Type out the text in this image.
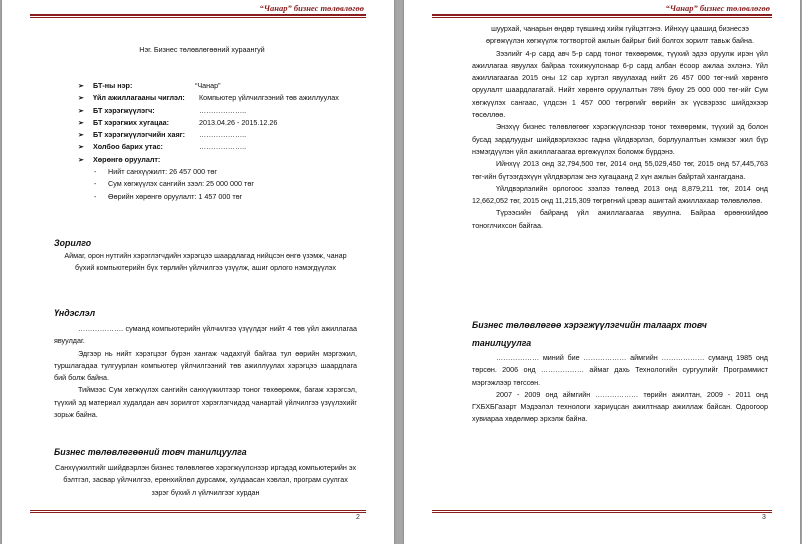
“Чанар” бизнес төлөвлөгөө

Нэг. Бизнес төлөвлөгөөний хураангуй

➢ БТ-ны нэр:	“Чанар”
➢ Үйл ажиллагааны чиглэл: Компьютер үйлчилгээний төв ажиллуулах
➢ БТ хэрэгжүүлэгч:	………………..
➢ БТ хэрэгжих хугацаа:	2013.04.26 - 2015.12.26
➢ БТ хэрэгжүүлэгчийн хаяг: ………………..
➢ Холбоо барих утас:	………………..
➢ Хөрөнгө оруулалт:
- Нийт санхүүжилт: 26 457 000 төг
- Сум хөгжүүлэх сангийн зээл: 25 000 000 төг
- Өөрийн хөрөнгө оруулалт: 1 457 000 төг

Зорилго

Аймаг, орон нутгийн хэрэглэгчдийн хэрэгцээ шаардлагад нийцсэн өнгө үзэмж, чанар бүхий компьютерийн бүх төрлийн үйлчилгээ үзүүлж, ашиг орлого нэмэгдүүлэх

Үндэслэл

………………. суманд компьютерийн үйлчилгээ үзүүлдэг нийт 4 төв үйл ажиллагаа явуулдаг.

Эдгээр нь нийт хэрэгцээг бүрэн хангаж чадахгүй байгаа тул өөрийн мэргэжил, туршлагадаа тулгуурлан компьютер үйлчилгээний төв ажиллуулах хэрэгцээ шаардлага бий болж байна.

Тиймээс Сум хөгжүүлэх сангийн санхүүжилтээр тоног төхөөрөмж, багаж хэрэгсэл, түүхий эд материал худалдан авч зорилгот хэрэглэгчидэд чанартай үйлчилгээ үзүүлэхийг зорьж байна.

Бизнес төлөвлөгөөний товч танилцуулга

Санхүүжилтийг шийдвэрлэн бизнес төлөвлөгөө хэрэгжүүлснээр иргэдэд компьютерийн эх бэлтгэл, засвар үйлчилгээ, ерөнхийлөл дурсамж, хулдаасан хэвлэл, програм суулгах зэрэг бүхий л үйлчилгээг хурдан

2
“Чанар” бизнес төлөвлөгөө

шуурхай, чанарын өндөр түвшинд хийж гүйцэтгэнэ. Ийнхүү цаашид бизнесээ өргөжүүлэн хөгжүүлж тогтвортой ажлын байрыг бий болгох зорилт тавьж байна.

Зээлийг 4-р сард авч 5-р сард тоног төхөөрөмж, түүхий эдээ оруулж ирэн үйл ажиллагаа явуулах байраа тохижуулснаар 6-р сард албан ёсоор ажлаа эхлэнэ. Үйл ажиллагаагаа 2015 оны 12 сар хүртэл явуулахад нийт 26 457 000 төг-ний хөрөнгө оруулалт шаардлагатай. Нийт хөрөнгө оруулалтын 78% буюу 25 000 000 төг-ийг Сум хөгжүүлэх сангаас, үлдсэн 1 457 000 төгрөгийг өөрийн эх үүсвэрээс шийдэхээр төсөллөө.

Энэхүү бизнес төлөвлөгөөг хэрэгжүүлснээр тоног төхөөрөмж, түүхий эд болон бусад зардлуудыг шийдвэрлэхээс гадна үйлдвэрлэл, борлуулалтын хэмжээг жил бүр нэмэгдүүлэн үйл ажиллагаагаа өргөжүүлэх боломж бүрдэнэ.

Ийнхүү 2013 онд 32,794,500 төг, 2014 онд 55,029,450 төг, 2015 онд 57,445,763 төг-ийн бүтээгдэхүүн үйлдвэрлэж энэ хугацаанд 2 хүн ажлын байртай хангагдана.

Үйлдвэрлэлийн орлогоос зээлээ төлөөд 2013 онд 8,879,211 төг, 2014 онд 12,662,052 төг, 2015 онд 11,215,309 төгрөгний цэвэр ашигтай ажиллахаар төлөвлөлөө.

Түрээсийн байранд үйл ажиллагаагаа явуулна. Байраа өрөөнхийдөө тоноглчихсон байгаа.

Бизнес төлөвлөгөө хэрэгжүүлэгчийн талаарх товч

танилцуулга

……………… миний бие ……………… аймгийн ……………… суманд 1985 онд төрсөн. 2006 онд ……………… аймаг дахь Технологийн сургуулийг Программист мэргэжлээр төгссөн.

2007 - 2009 онд аймгийн ……………… төрийн ажилтан, 2009 - 2011 онд ГХБХБГазарт Мэдээлэл технологи хариуцсан ажилтнаар ажиллаж байсан. Одоогоор хувиараа хөдөлмөр эрхэлж байна.

3
